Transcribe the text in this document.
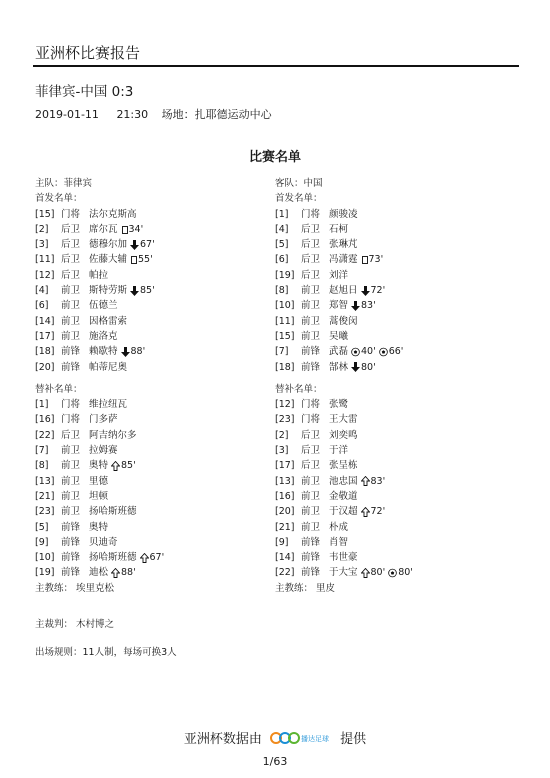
亚洲杯比赛报告
菲律宾-中国 0:3
2019-01-11 21:30 场地：扎耶德运动中心
比赛名单
主队：菲律宾
首发名单：
[15] 门将 法尔克斯高
[2]	后卫 席尔瓦 34'
[3]	后卫 德穆尔加 67'
[11] 后卫 佐藤大辅 55'
[12] 后卫 帕拉
[4]	前卫 斯特劳斯 85'
[6]	前卫 伍德兰
[14] 前卫 因格雷索
[17] 前卫 施洛克
[18] 前锋 赖歇特 88'
[20] 前锋 帕蒂尼奥
替补名单：
[1]	门将 维拉纽瓦
[16] 门将 门多萨
[22] 后卫 阿吉纳尔多
[7]	前卫 拉姆赛
[8]	前卫 奥特 85'
[13] 前卫 里德
[21] 前卫 坦顿
[23] 前卫 扬哈斯班德
[5]	前锋 奥特
[9]	前锋 贝迪奇
[10] 前锋 扬哈斯班德 67'
[19] 前锋 迪松 88'
主教练： 埃里克松
客队：中国
首发名单：
[1]	门将 颜骏凌
[4]	后卫 石柯
[5]	后卫 张琳芃
[6]	后卫 冯潇霆 73'
[19] 后卫 刘洋
[8]	前卫 赵旭日 72'
[10] 前卫 郑智 83'
[11] 前卫 蒿俊闵
[15] 前卫 吴曦
[7]	前锋 武磊 40' 66'
[18] 前锋 郜林 80'
替补名单：
[12] 门将 张鹭
[23] 门将 王大雷
[2]	后卫 刘奕鸣
[3]	后卫 于洋
[17] 后卫 张呈栋
[13] 前卫 池忠国 83'
[16] 前卫 金敬道
[20] 前卫 于汉超 72'
[21] 前卫 朴成
[9]	前锋 肖智
[14] 前锋 韦世豪
[22] 前锋 于大宝 80' 80'
主教练： 里皮
主裁判： 木村博之
出场规则：11人制，每场可换3人
亚洲杯数据由	播达足球 提供
1/63
